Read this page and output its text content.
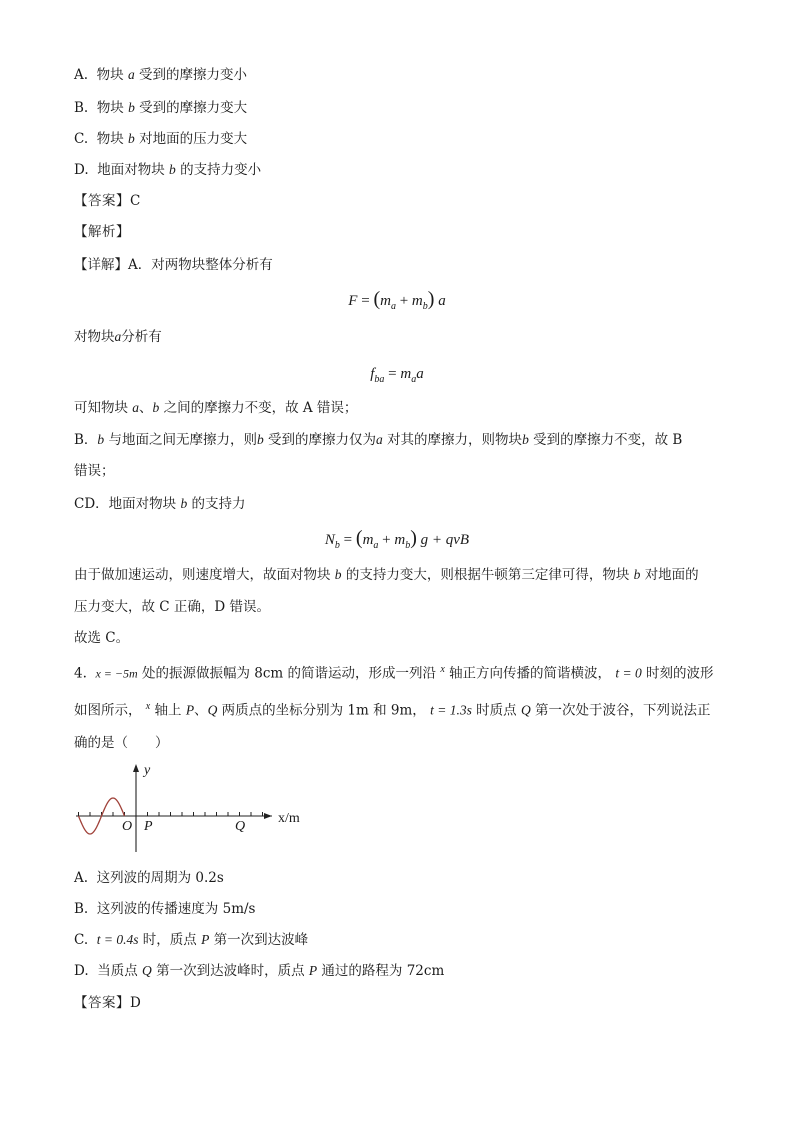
A. 物块 a 受到的摩擦力变小
B. 物块 b 受到的摩擦力变大
C. 物块 b 对地面的压力变大
D. 地面对物块 b 的支持力变小
【答案】C
【解析】
【详解】A．对两物块整体分析有
$F = (m_a + m_b)$ a
对物块a分析有
$f_{ba} = m_aa$
可知物块 a、b 之间的摩擦力不变，故 A 错误；
B．b 与地面之间无摩擦力，则b 受到的摩擦力仅为a 对其的摩擦力，则物块b 受到的摩擦力不变，故 B
错误；
CD．地面对物块 b 的支持力
$N_b = (m_a + m_b) g$ + qvB
由于做加速运动，则速度增大，故面对物块 b 的支持力变大，则根据牛顿第三定律可得，物块 b 对地面的
压力变大，故 C 正确，D 错误。
故选 C。
4. x = −5m 处的振源做振幅为 8cm 的简谐运动，形成一列沿 $^x$ 轴正方向传播的简谐横波， t = 0 时刻的波形
如图所示， $^x$ 轴上 P、Q 两质点的坐标分别为 1m 和 9m， t = 1.3s 时质点 Q 第一次处于波谷，下列说法正
确的是（　　）
y
x/m
O P	Q
A. 这列波的周期为 0.2s
B. 这列波的传播速度为 5m/s
C. t = 0.4s 时，质点 P 第一次到达波峰
D. 当质点 Q 第一次到达波峰时，质点 P 通过的路程为 72cm
【答案】D
